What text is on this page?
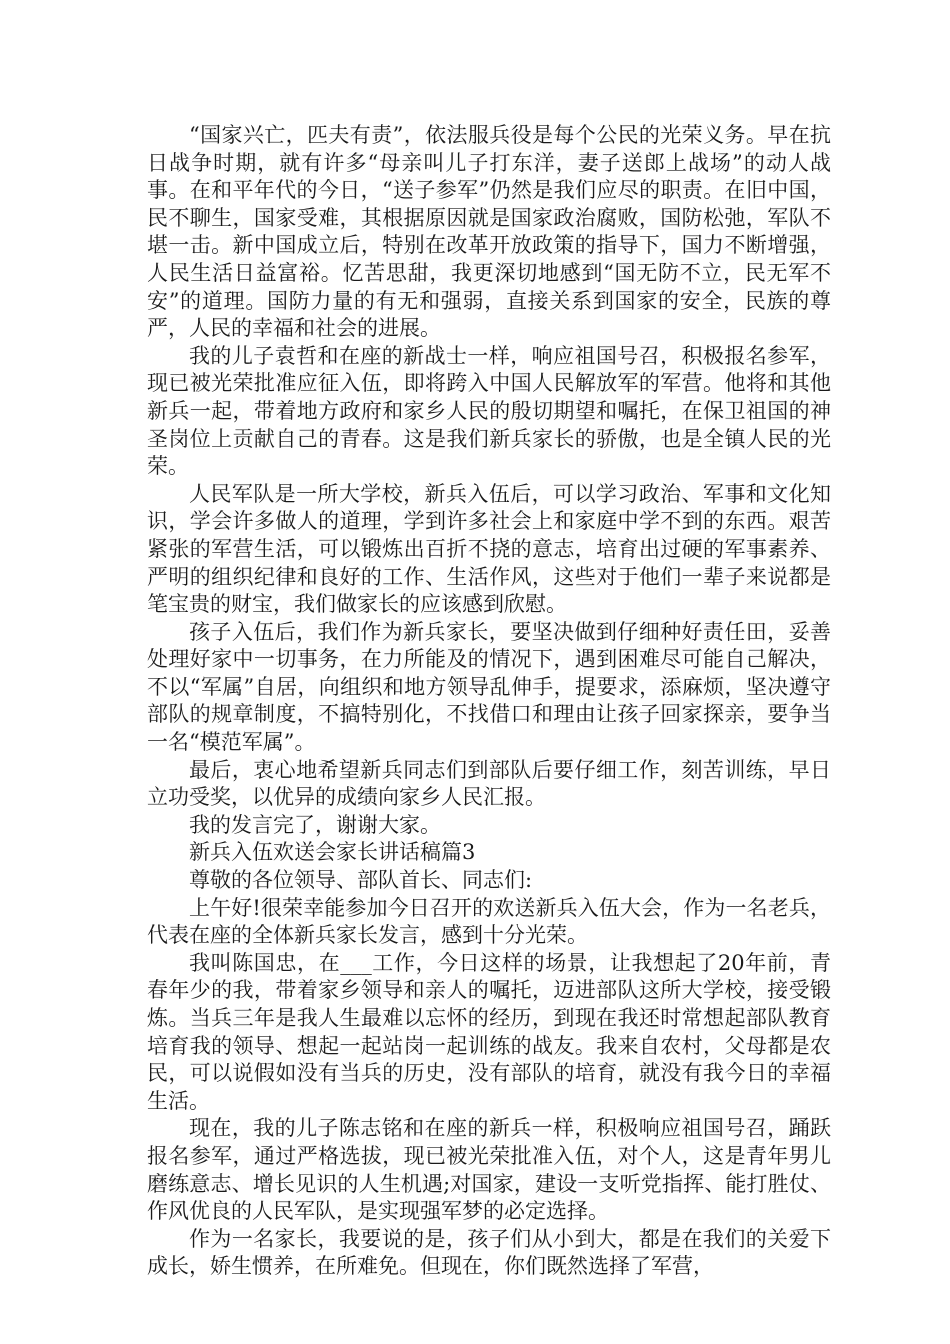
“国家兴亡，匹夫有责”，依法服兵役是每个公民的光荣义务。早在抗日战争时期，就有许多“母亲叫儿子打东洋，妻子送郎上战场”的动人战事。在和平年代的今日，“送子参军”仍然是我们应尽的职责。在旧中国，民不聊生，国家受难，其根据原因就是国家政治腐败，国防松弛，军队不堪一击。新中国成立后，特别在改革开放政策的指导下，国力不断增强，人民生活日益富裕。忆苦思甜，我更深切地感到“国无防不立，民无军不安”的道理。国防力量的有无和强弱，直接关系到国家的安全，民族的尊严，人民的幸福和社会的进展。

我的儿子袁哲和在座的新战士一样，响应祖国号召，积极报名参军，现已被光荣批准应征入伍，即将跨入中国人民解放军的军营。他将和其他新兵一起，带着地方政府和家乡人民的殷切期望和嘱托，在保卫祖国的神圣岗位上贡献自己的青春。这是我们新兵家长的骄傲，也是全镇人民的光荣。

人民军队是一所大学校，新兵入伍后，可以学习政治、军事和文化知识，学会许多做人的道理，学到许多社会上和家庭中学不到的东西。艰苦紧张的军营生活，可以锻炼出百折不挠的意志，培育出过硬的军事素养、严明的组织纪律和良好的工作、生活作风，这些对于他们一辈子来说都是笔宝贵的财宝，我们做家长的应该感到欣慰。

孩子入伍后，我们作为新兵家长，要坚决做到仔细种好责任田，妥善处理好家中一切事务，在力所能及的情况下，遇到困难尽可能自己解决，不以“军属”自居，向组织和地方领导乱伸手，提要求，添麻烦，坚决遵守部队的规章制度，不搞特别化，不找借口和理由让孩子回家探亲，要争当一名“模范军属”。

最后，衷心地希望新兵同志们到部队后要仔细工作，刻苦训练，早日立功受奖，以优异的成绩向家乡人民汇报。

我的发言完了，谢谢大家。

新兵入伍欢送会家长讲话稿篇3

尊敬的各位领导、部队首长、同志们:

上午好!很荣幸能参加今日召开的欢送新兵入伍大会，作为一名老兵，代表在座的全体新兵家长发言，感到十分光荣。

我叫陈国忠，在___工作，今日这样的场景，让我想起了20年前，青春年少的我，带着家乡领导和亲人的嘱托，迈进部队这所大学校，接受锻炼。当兵三年是我人生最难以忘怀的经历，到现在我还时常想起部队教育培育我的领导、想起一起站岗一起训练的战友。我来自农村，父母都是农民，可以说假如没有当兵的历史，没有部队的培育，就没有我今日的幸福生活。

现在，我的儿子陈志铭和在座的新兵一样，积极响应祖国号召，踊跃报名参军，通过严格选拔，现已被光荣批准入伍，对个人，这是青年男儿磨练意志、增长见识的人生机遇;对国家，建设一支听党指挥、能打胜仗、作风优良的人民军队，是实现强军梦的必定选择。

作为一名家长，我要说的是，孩子们从小到大，都是在我们的关爱下成长，娇生惯养，在所难免。但现在，你们既然选择了军营，
